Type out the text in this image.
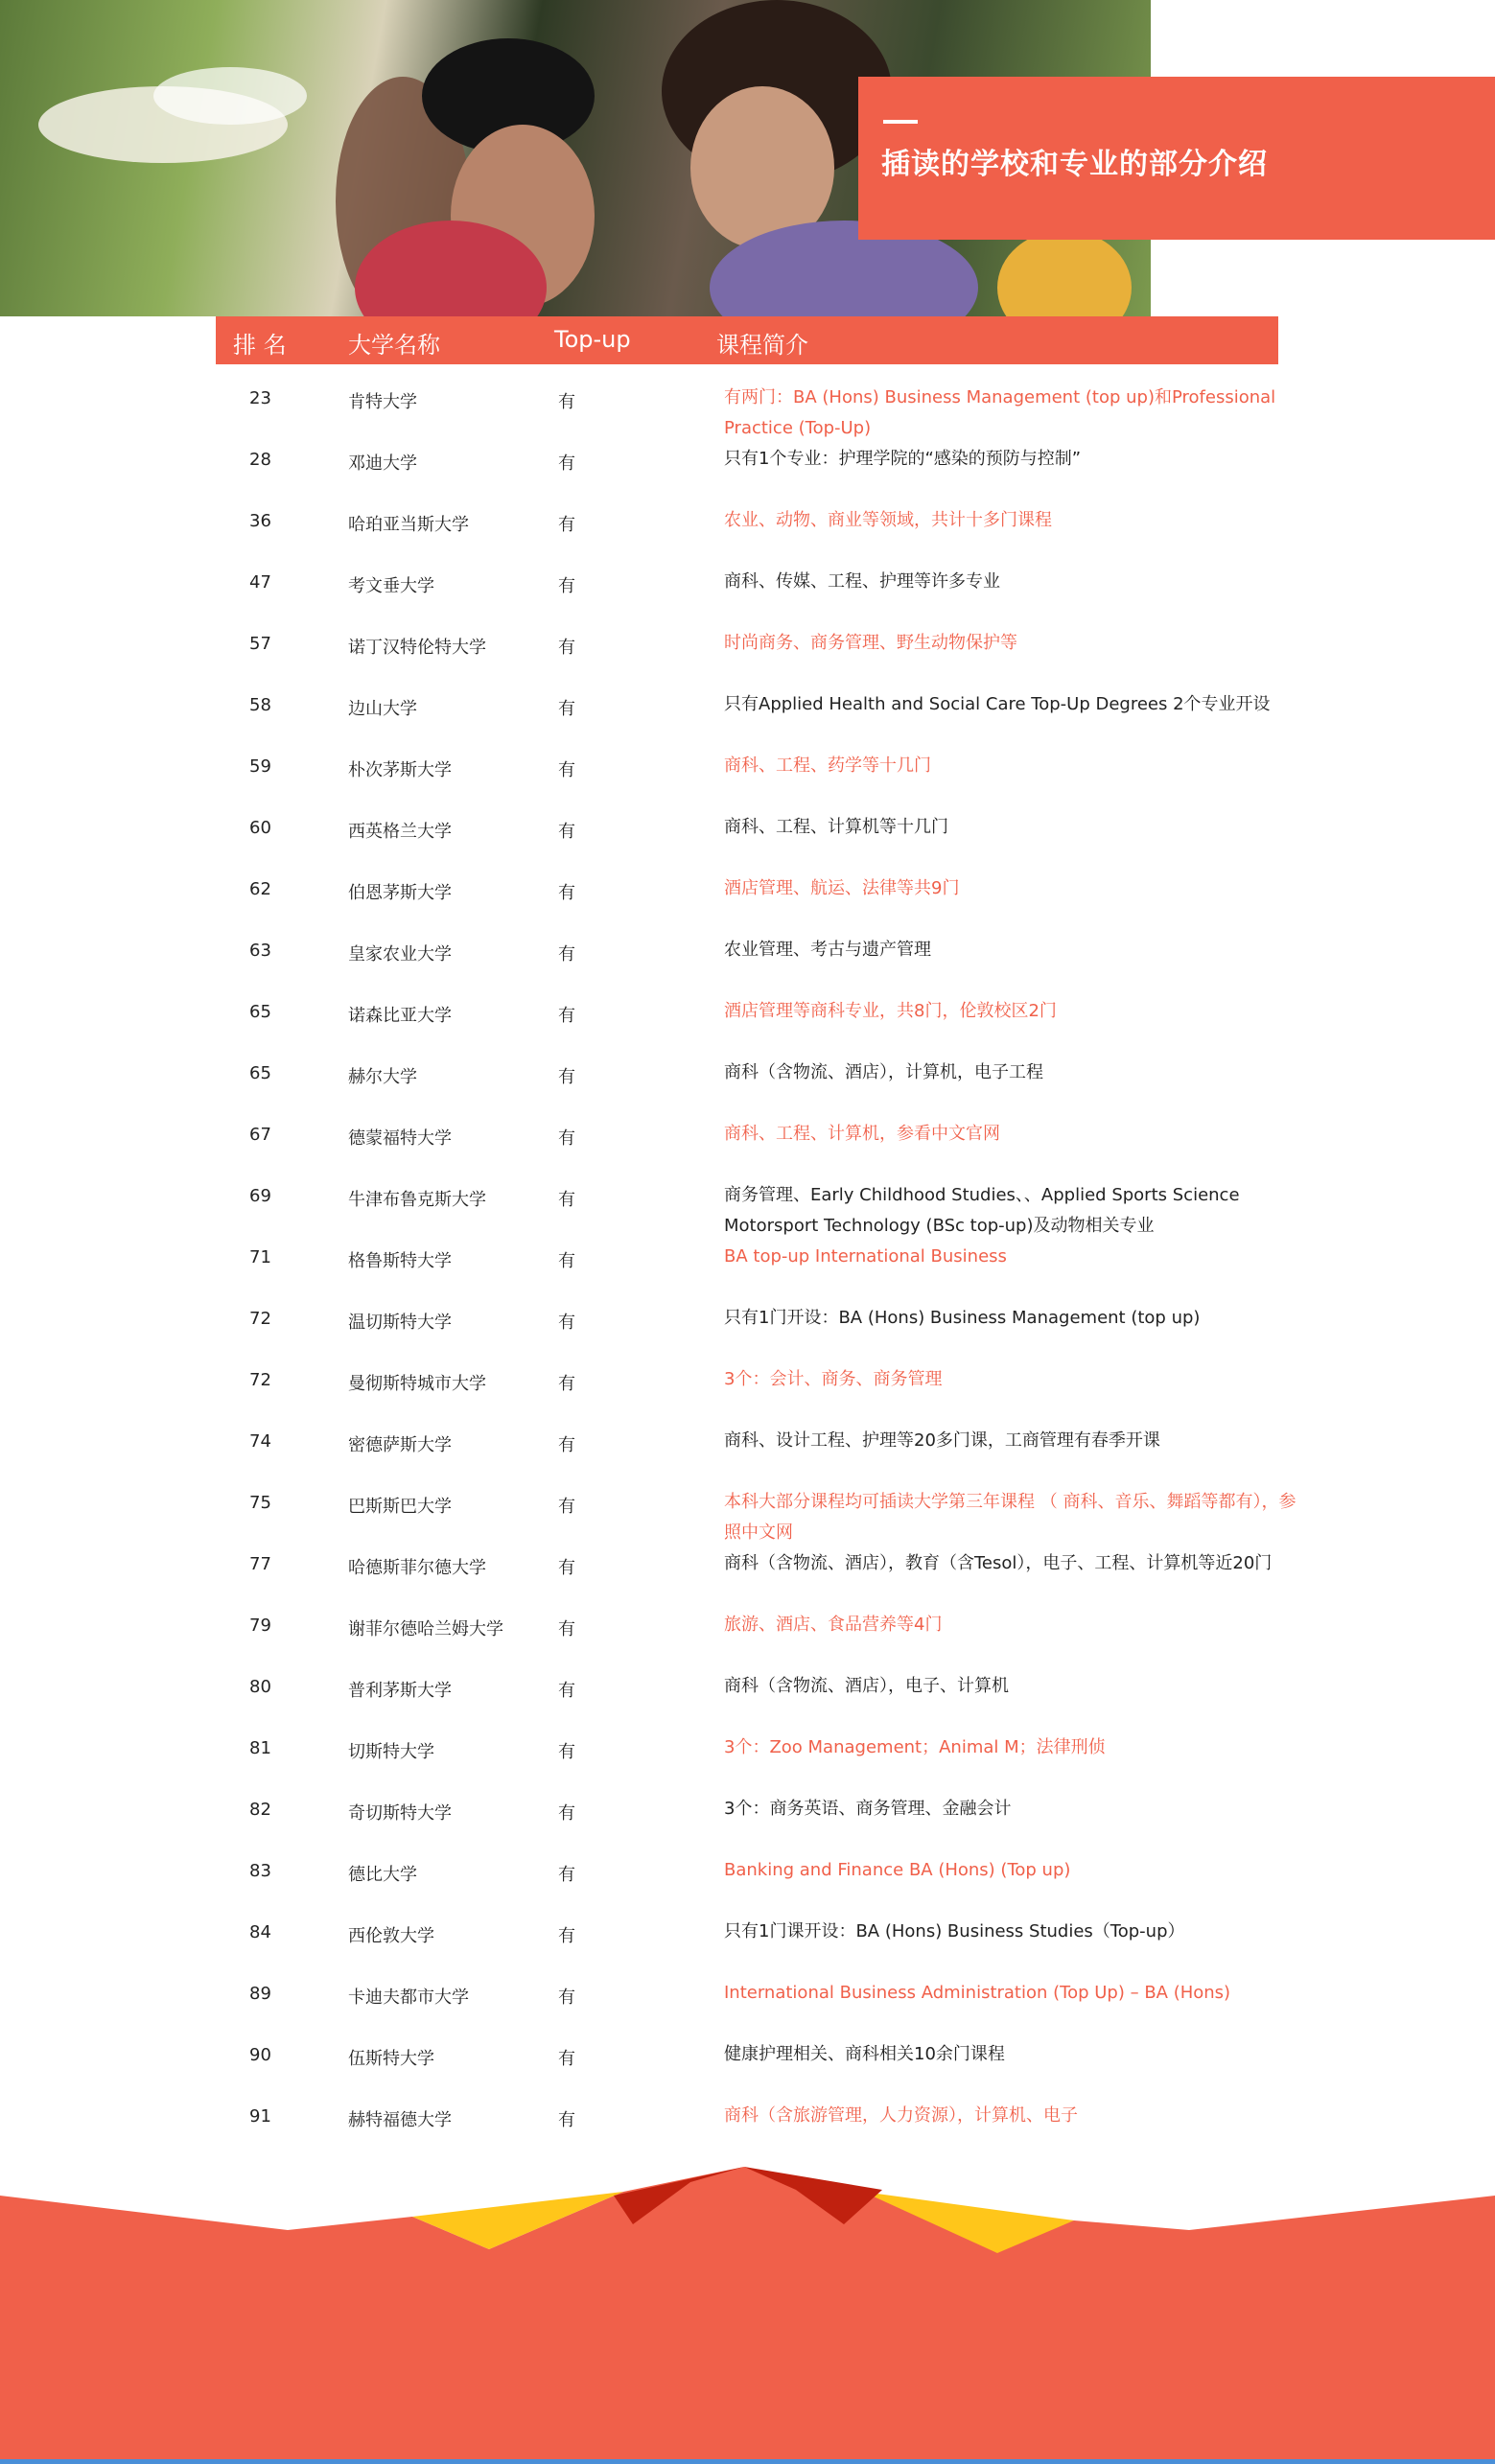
插读的学校和专业的部分介绍
排 名	大学名称	Top-up	课程简介
23	肯特大学	有	有两门：BA (Hons) Business Management (top up)和Professional Practice (Top-Up)
28	邓迪大学	有	只有1个专业：护理学院的“感染的预防与控制”
36	哈珀亚当斯大学	有	农业、动物、商业等领域，共计十多门课程
47	考文垂大学	有	商科、传媒、工程、护理等许多专业
57	诺丁汉特伦特大学	有	时尚商务、商务管理、野生动物保护等
58	边山大学	有	只有Applied Health and Social Care Top-Up Degrees 2个专业开设
59	朴次茅斯大学	有	商科、工程、药学等十几门
60	西英格兰大学	有	商科、工程、计算机等十几门
62	伯恩茅斯大学	有	酒店管理、航运、法律等共9门
63	皇家农业大学	有	农业管理、考古与遗产管理
65	诺森比亚大学	有	酒店管理等商科专业，共8门，伦敦校区2门
65	赫尔大学	有	商科（含物流、酒店），计算机，电子工程
67	德蒙福特大学	有	商科、工程、计算机，参看中文官网
69	牛津布鲁克斯大学	有	商务管理、Early Childhood Studies、、Applied Sports Science Motorsport Technology (BSc top-up)及动物相关专业
71	格鲁斯特大学	有	BA top-up International Business
72	温切斯特大学	有	只有1门开设：BA (Hons) Business Management (top up)
72	曼彻斯特城市大学	有	3个：会计、商务、商务管理
74	密德萨斯大学	有	商科、设计工程、护理等20多门课，工商管理有春季开课
75	巴斯斯巴大学	有	本科大部分课程均可插读大学第三年课程 （ 商科、音乐、舞蹈等都有），参照中文网
77	哈德斯菲尔德大学	有	商科（含物流、酒店），教育（含Tesol），电子、工程、计算机等近20门
79	谢菲尔德哈兰姆大学	有	旅游、酒店、食品营养等4门
80	普利茅斯大学	有	商科（含物流、酒店），电子、计算机
81	切斯特大学	有	3个：Zoo Management；Animal M；法律刑侦
82	奇切斯特大学	有	3个：商务英语、商务管理、金融会计
83	德比大学	有	Banking and Finance BA (Hons) (Top up)
84	西伦敦大学	有	只有1门课开设：BA (Hons) Business Studies（Top-up）
89	卡迪夫都市大学	有	International Business Administration (Top Up) – BA (Hons)
90	伍斯特大学	有	健康护理相关、商科相关10余门课程
91	赫特福德大学	有	商科（含旅游管理，人力资源），计算机、电子
